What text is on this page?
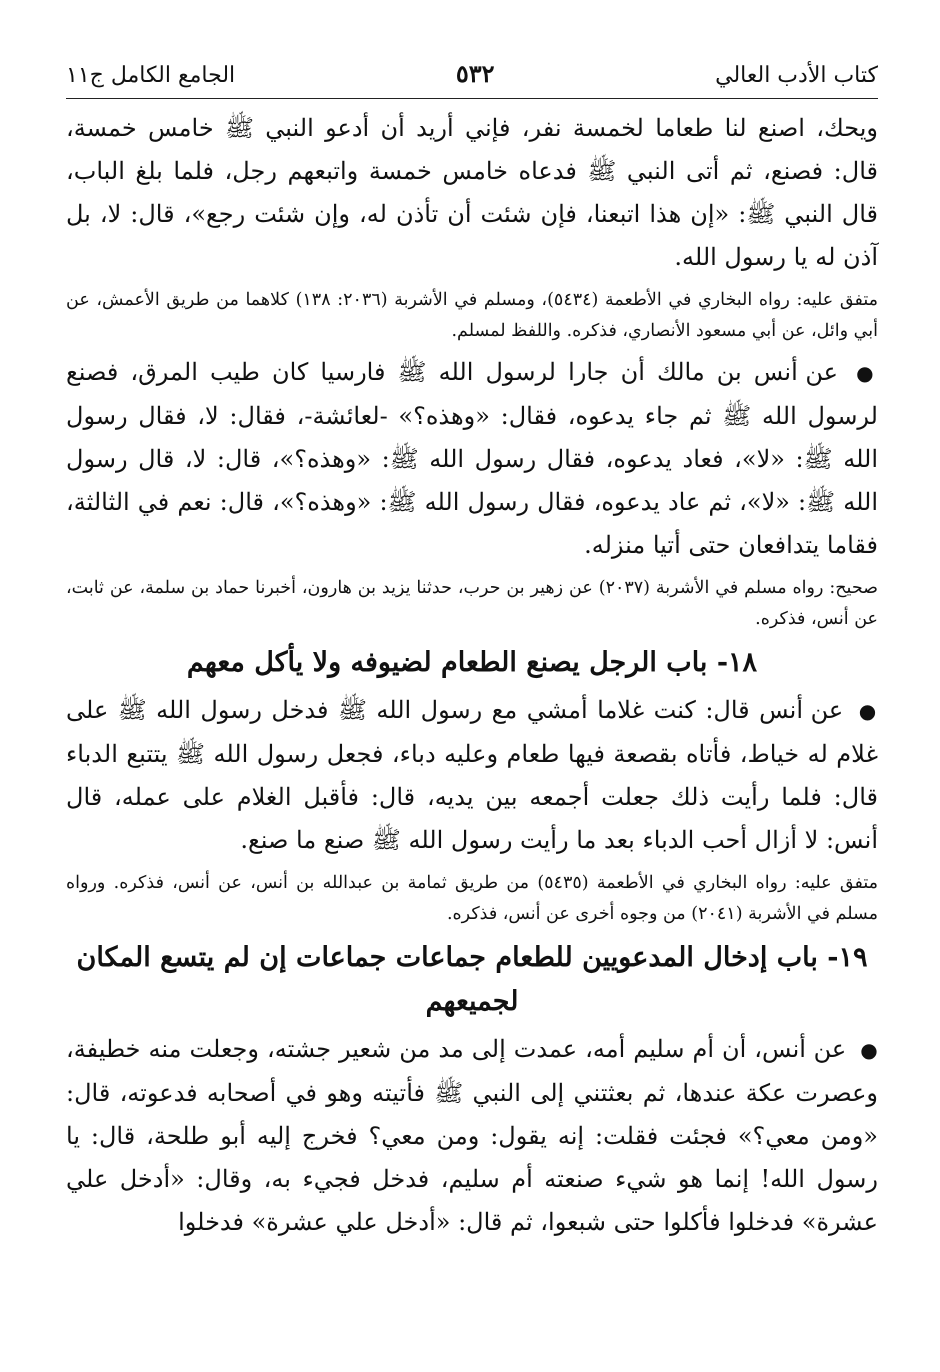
كتاب الأدب العالي
٥٣٢
الجامع الكامل ج١١

ويحك، اصنع لنا طعاما لخمسة نفر، فإني أريد أن أدعو النبي ﷺ خامس خمسة، قال: فصنع، ثم أتى النبي ﷺ فدعاه خامس خمسة واتبعهم رجل، فلما بلغ الباب، قال النبي ﷺ: «إن هذا اتبعنا، فإن شئت أن تأذن له، وإن شئت رجع»، قال: لا، بل آذن له يا رسول الله.

متفق عليه: رواه البخاري في الأطعمة (٥٤٣٤)، ومسلم في الأشربة (٢٠٣٦: ١٣٨) كلاهما من طريق الأعمش، عن أبي وائل، عن أبي مسعود الأنصاري، فذكره. واللفظ لمسلم.

● عن أنس بن مالك أن جارا لرسول الله ﷺ فارسيا كان طيب المرق، فصنع لرسول الله ﷺ ثم جاء يدعوه، فقال: «وهذه؟» -لعائشة-، فقال: لا، فقال رسول الله ﷺ: «لا»، فعاد يدعوه، فقال رسول الله ﷺ: «وهذه؟»، قال: لا، قال رسول الله ﷺ: «لا»، ثم عاد يدعوه، فقال رسول الله ﷺ: «وهذه؟»، قال: نعم في الثالثة، فقاما يتدافعان حتى أتيا منزله.

صحيح: رواه مسلم في الأشربة (٢٠٣٧) عن زهير بن حرب، حدثنا يزيد بن هارون، أخبرنا حماد بن سلمة، عن ثابت، عن أنس، فذكره.

١٨- باب الرجل يصنع الطعام لضيوفه ولا يأكل معهم

● عن أنس قال: كنت غلاما أمشي مع رسول الله ﷺ فدخل رسول الله ﷺ على غلام له خياط، فأتاه بقصعة فيها طعام وعليه دباء، فجعل رسول الله ﷺ يتتبع الدباء قال: فلما رأيت ذلك جعلت أجمعه بين يديه، قال: فأقبل الغلام على عمله، قال أنس: لا أزال أحب الدباء بعد ما رأيت رسول الله ﷺ صنع ما صنع.

متفق عليه: رواه البخاري في الأطعمة (٥٤٣٥) من طريق ثمامة بن عبدالله بن أنس، عن أنس، فذكره. ورواه مسلم في الأشربة (٢٠٤١) من وجوه أخرى عن أنس، فذكره.

١٩- باب إدخال المدعويين للطعام جماعات جماعات إن لم يتسع المكان لجميعهم

● عن أنس، أن أم سليم أمه، عمدت إلى مد من شعير جشته، وجعلت منه خطيفة، وعصرت عكة عندها، ثم بعثتني إلى النبي ﷺ فأتيته وهو في أصحابه فدعوته، قال: «ومن معي؟» فجئت فقلت: إنه يقول: ومن معي؟ فخرج إليه أبو طلحة، قال: يا رسول الله! إنما هو شيء صنعته أم سليم، فدخل فجيء به، وقال: «أدخل علي عشرة» فدخلوا فأكلوا حتى شبعوا، ثم قال: «أدخل علي عشرة» فدخلوا
